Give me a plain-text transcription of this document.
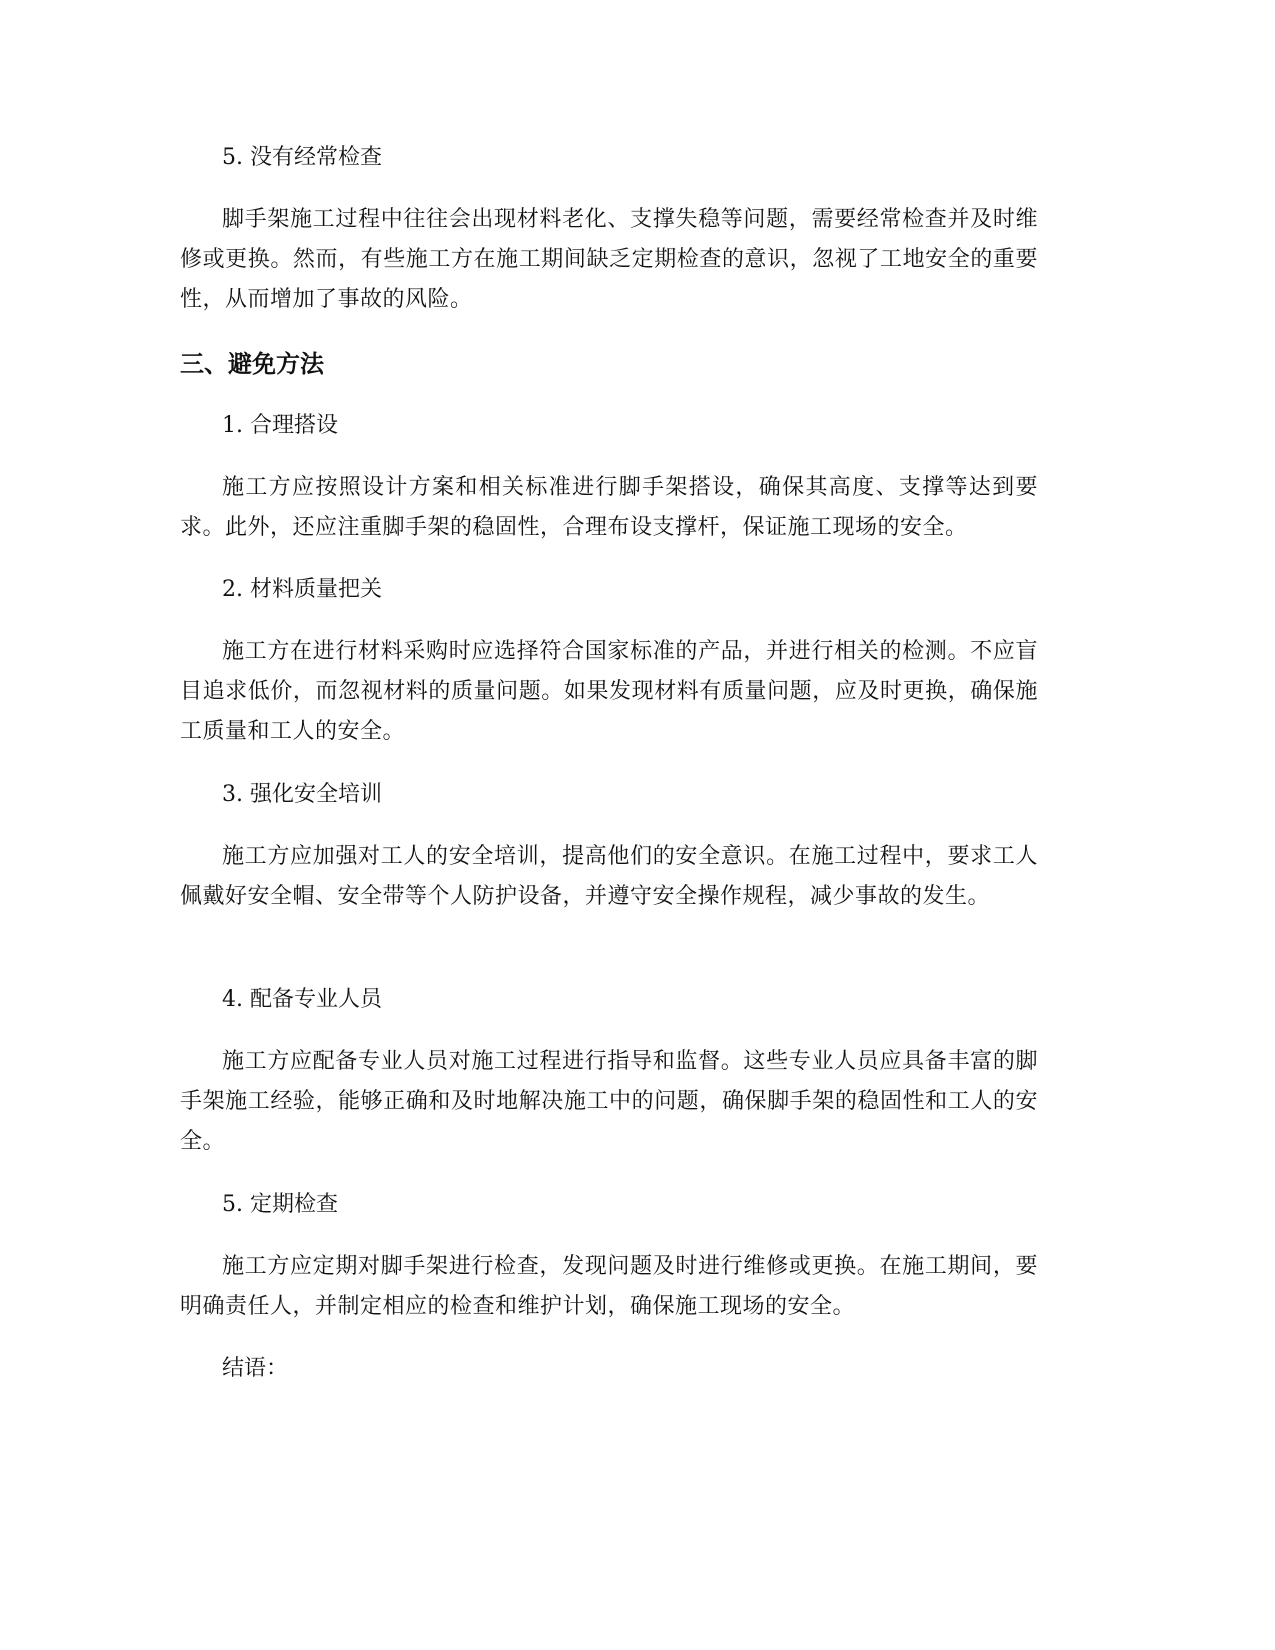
5. 没有经常检查

脚手架施工过程中往往会出现材料老化、支撑失稳等问题，需要经常检查并及时维修或更换。然而，有些施工方在施工期间缺乏定期检查的意识，忽视了工地安全的重要性，从而增加了事故的风险。

三、避免方法

1. 合理搭设

施工方应按照设计方案和相关标准进行脚手架搭设，确保其高度、支撑等达到要求。此外，还应注重脚手架的稳固性，合理布设支撑杆，保证施工现场的安全。

2. 材料质量把关

施工方在进行材料采购时应选择符合国家标准的产品，并进行相关的检测。不应盲目追求低价，而忽视材料的质量问题。如果发现材料有质量问题，应及时更换，确保施工质量和工人的安全。

3. 强化安全培训

施工方应加强对工人的安全培训，提高他们的安全意识。在施工过程中，要求工人佩戴好安全帽、安全带等个人防护设备，并遵守安全操作规程，减少事故的发生。

4. 配备专业人员

施工方应配备专业人员对施工过程进行指导和监督。这些专业人员应具备丰富的脚手架施工经验，能够正确和及时地解决施工中的问题，确保脚手架的稳固性和工人的安全。

5. 定期检查

施工方应定期对脚手架进行检查，发现问题及时进行维修或更换。在施工期间，要明确责任人，并制定相应的检查和维护计划，确保施工现场的安全。

结语：
